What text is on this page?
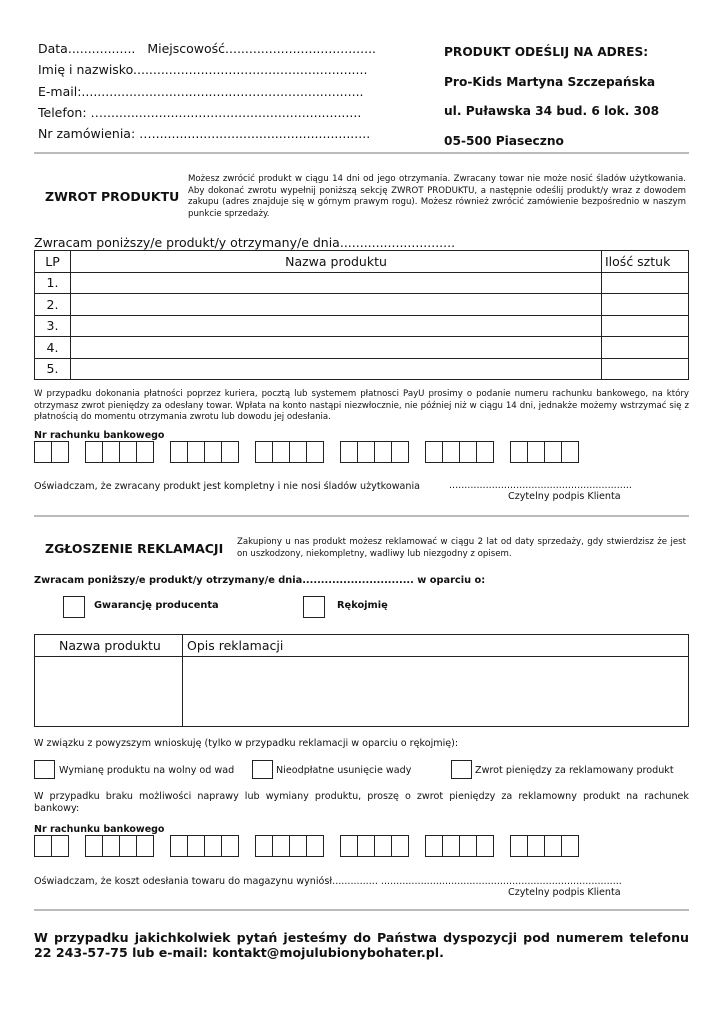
Data................. Miejscowość......................................
Imię i nazwisko...........................................................
E-mail:.......................................................................
Telefon: ….................................................................
Nr zamówienia: ….......................................................
PRODUKT ODEŚLIJ NA ADRES:
Pro-Kids Martyna Szczepańska
ul. Puławska 34 bud. 6 lok. 308
05-500 Piaseczno
ZWROT PRODUKTU
Możesz zwrócić produkt w ciągu 14 dni od jego otrzymania. Zwracany towar nie może nosić śladów użytkowania. Aby dokonać zwrotu wypełnij poniższą sekcję ZWROT PRODUKTU, a następnie odeślij produkt/y wraz z dowodem zakupu (adres znajduje się w górnym prawym rogu). Możesz również zwrócić zamówienie bezpośrednio w naszym punkcie sprzedaży.
Zwracam poniższy/e produkt/y otrzymany/e dnia.............................
LP	Nazwa produktu	Ilość sztuk
1.		
2.		
3.		
4.		
5.		
W przypadku dokonania płatności poprzez kuriera, pocztą lub systemem płatnosci PayU prosimy o podanie numeru rachunku bankowego, na który otrzymasz zwrot pieniędzy za odesłany towar. Wpłata na konto nastąpi niezwłocznie, nie później niż w ciągu 14 dni, jednakże możemy wstrzymać się z płatnością do momentu otrzymania zwrotu lub dowodu jej odesłania.
Nr rachunku bankowego
Oświadczam, że zwracany produkt jest kompletny i nie nosi śladów użytkowania	............................................................
Czytelny podpis Klienta
ZGŁOSZENIE REKLAMACJI Zakupiony u nas produkt możesz reklamować w ciągu 2 lat od daty sprzedaży, gdy stwierdzisz że jest on uszkodzony, niekompletny, wadliwy lub niezgodny z opisem.
Zwracam poniższy/e produkt/y otrzymany/e dnia.............................. w oparciu o:
Gwarancję producenta	Rękojmię
Nazwa produktu	Opis reklamacji

W związku z powyzszym wnioskuję (tylko w przypadku reklamacji w oparciu o rękojmię):
Wymianę produktu na wolny od wad	Nieodpłatne usunięcie wady	Zwrot pieniędzy za reklamowany produkt
W przypadku braku możliwości naprawy lub wymiany produktu, proszę o zwrot pieniędzy za reklamowny produkt na rachunek bankowy:
Nr rachunku bankowego
Oświadczam, że koszt odesłania towaru do magazynu wyniósł............... ...............................................................................
Czytelny podpis Klienta
W przypadku jakichkolwiek pytań jesteśmy do Państwa dyspozycji pod numerem telefonu 22 243-57-75 lub e-mail: kontakt@mojulubionybohater.pl.
